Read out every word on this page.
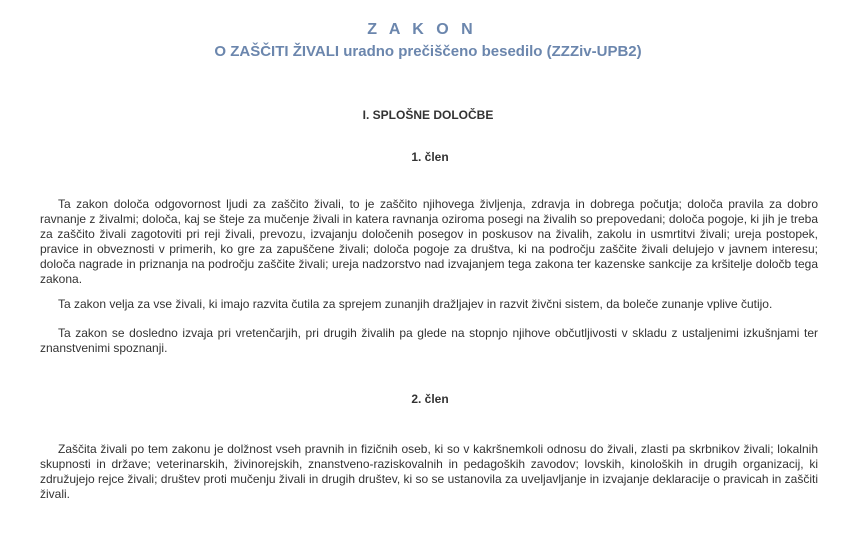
Z A K O N
O ZAŠČITI ŽIVALI uradno prečiščeno besedilo (ZZZiv-UPB2)
I. SPLOŠNE DOLOČBE
1. člen

Ta zakon določa odgovornost ljudi za zaščito živali, to je zaščito njihovega življenja, zdravja in dobrega počutja; določa pravila za dobro ravnanje z živalmi; določa, kaj se šteje za mučenje živali in katera ravnanja oziroma posegi na živalih so prepovedani; določa pogoje, ki jih je treba za zaščito živali zagotoviti pri reji živali, prevozu, izvajanju določenih posegov in poskusov na živalih, zakolu in usmrtitvi živali; ureja postopek, pravice in obveznosti v primerih, ko gre za zapuščene živali; določa pogoje za društva, ki na področju zaščite živali delujejo v javnem interesu; določa nagrade in priznanja na področju zaščite živali; ureja nadzorstvo nad izvajanjem tega zakona ter kazenske sankcije za kršitelje določb tega zakona.

Ta zakon velja za vse živali, ki imajo razvita čutila za sprejem zunanjih dražljajev in razvit živčni sistem, da boleče zunanje vplive čutijo.

Ta zakon se dosledno izvaja pri vretenčarjih, pri drugih živalih pa glede na stopnjo njihove občutljivosti v skladu z ustaljenimi izkušnjami ter znanstvenimi spoznanji.

2. člen

Zaščita živali po tem zakonu je dolžnost vseh pravnih in fizičnih oseb, ki so v kakršnemkoli odnosu do živali, zlasti pa skrbnikov živali; lokalnih skupnosti in države; veterinarskih, živinorejskih, znanstveno-raziskovalnih in pedagoških zavodov; lovskih, kinoloških in drugih organizacij, ki združujejo rejce živali; društev proti mučenju živali in drugih društev, ki so se ustanovila za uveljavljanje in izvajanje deklaracije o pravicah in zaščiti živali.
